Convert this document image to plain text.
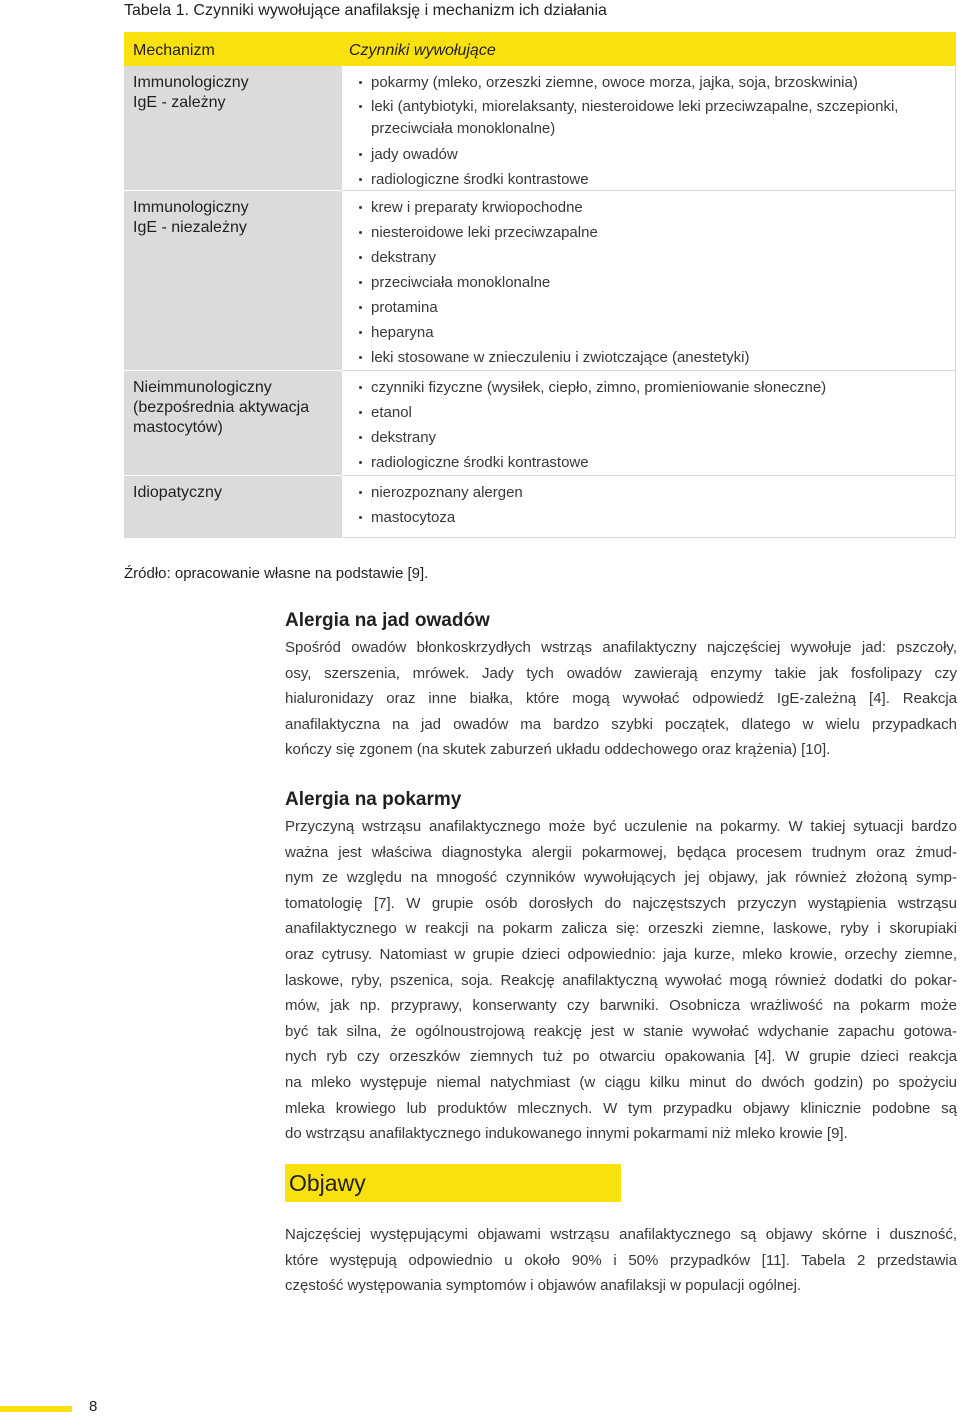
Tabela 1. Czynniki wywołujące anafilaksję i mechanizm ich działania
Mechanizm	Czynniki wywołujące
Immunologiczny
IgE - zależny
pokarmy (mleko, orzeszki ziemne, owoce morza, jajka, soja, brzoskwinia)
leki (antybiotyki, miorelaksanty, niesteroidowe leki przeciwzapalne, szczepionki,
przeciwciała monoklonalne)
jady owadów
radiologiczne środki kontrastowe
Immunologiczny
IgE - niezależny
krew i preparaty krwiopochodne
niesteroidowe leki przeciwzapalne
dekstrany
przeciwciała monoklonalne
protamina
heparyna
leki stosowane w znieczuleniu i zwiotczające (anestetyki)
Nieimmunologiczny
(bezpośrednia aktywacja
mastocytów)
czynniki fizyczne (wysiłek, ciepło, zimno, promieniowanie słoneczne)
etanol
dekstrany
radiologiczne środki kontrastowe
Idiopatyczny	nierozpoznany alergen
mastocytoza
Źródło: opracowanie własne na podstawie [9].
Alergia na jad owadów
Spośród owadów błonkoskrzydłych wstrząs anafilaktyczny najczęściej wywołuje jad: pszczoły,
osy, szerszenia, mrówek. Jady tych owadów zawierają enzymy takie jak fosfolipazy czy
hialuronidazy oraz inne białka, które mogą wywołać odpowiedź IgE-zależną [4]. Reakcja
anafilaktyczna na jad owadów ma bardzo szybki początek, dlatego w wielu przypadkach
kończy się zgonem (na skutek zaburzeń układu oddechowego oraz krążenia) [10].
Alergia na pokarmy
Przyczyną wstrząsu anafilaktycznego może być uczulenie na pokarmy. W takiej sytuacji bardzo
ważna jest właściwa diagnostyka alergii pokarmowej, będąca procesem trudnym oraz żmud-
nym ze względu na mnogość czynników wywołujących jej objawy, jak również złożoną symp-
tomatologię [7]. W grupie osób dorosłych do najczęstszych przyczyn wystąpienia wstrząsu
anafilaktycznego w reakcji na pokarm zalicza się: orzeszki ziemne, laskowe, ryby i skorupiaki
oraz cytrusy. Natomiast w grupie dzieci odpowiednio: jaja kurze, mleko krowie, orzechy ziemne,
laskowe, ryby, pszenica, soja. Reakcję anafilaktyczną wywołać mogą również dodatki do pokar-
mów, jak np. przyprawy, konserwanty czy barwniki. Osobnicza wrażliwość na pokarm może
być tak silna, że ogólnoustrojową reakcję jest w stanie wywołać wdychanie zapachu gotowa-
nych ryb czy orzeszków ziemnych tuż po otwarciu opakowania [4]. W grupie dzieci reakcja
na mleko występuje niemal natychmiast (w ciągu kilku minut do dwóch godzin) po spożyciu
mleka krowiego lub produktów mlecznych. W tym przypadku objawy klinicznie podobne są
do wstrząsu anafilaktycznego indukowanego innymi pokarmami niż mleko krowie [9].
Objawy
Najczęściej występującymi objawami wstrząsu anafilaktycznego są objawy skórne i duszność,
które występują odpowiednio u około 90% i 50% przypadków [11]. Tabela 2 przedstawia
częstość występowania symptomów i objawów anafilaksji w populacji ogólnej.
8
